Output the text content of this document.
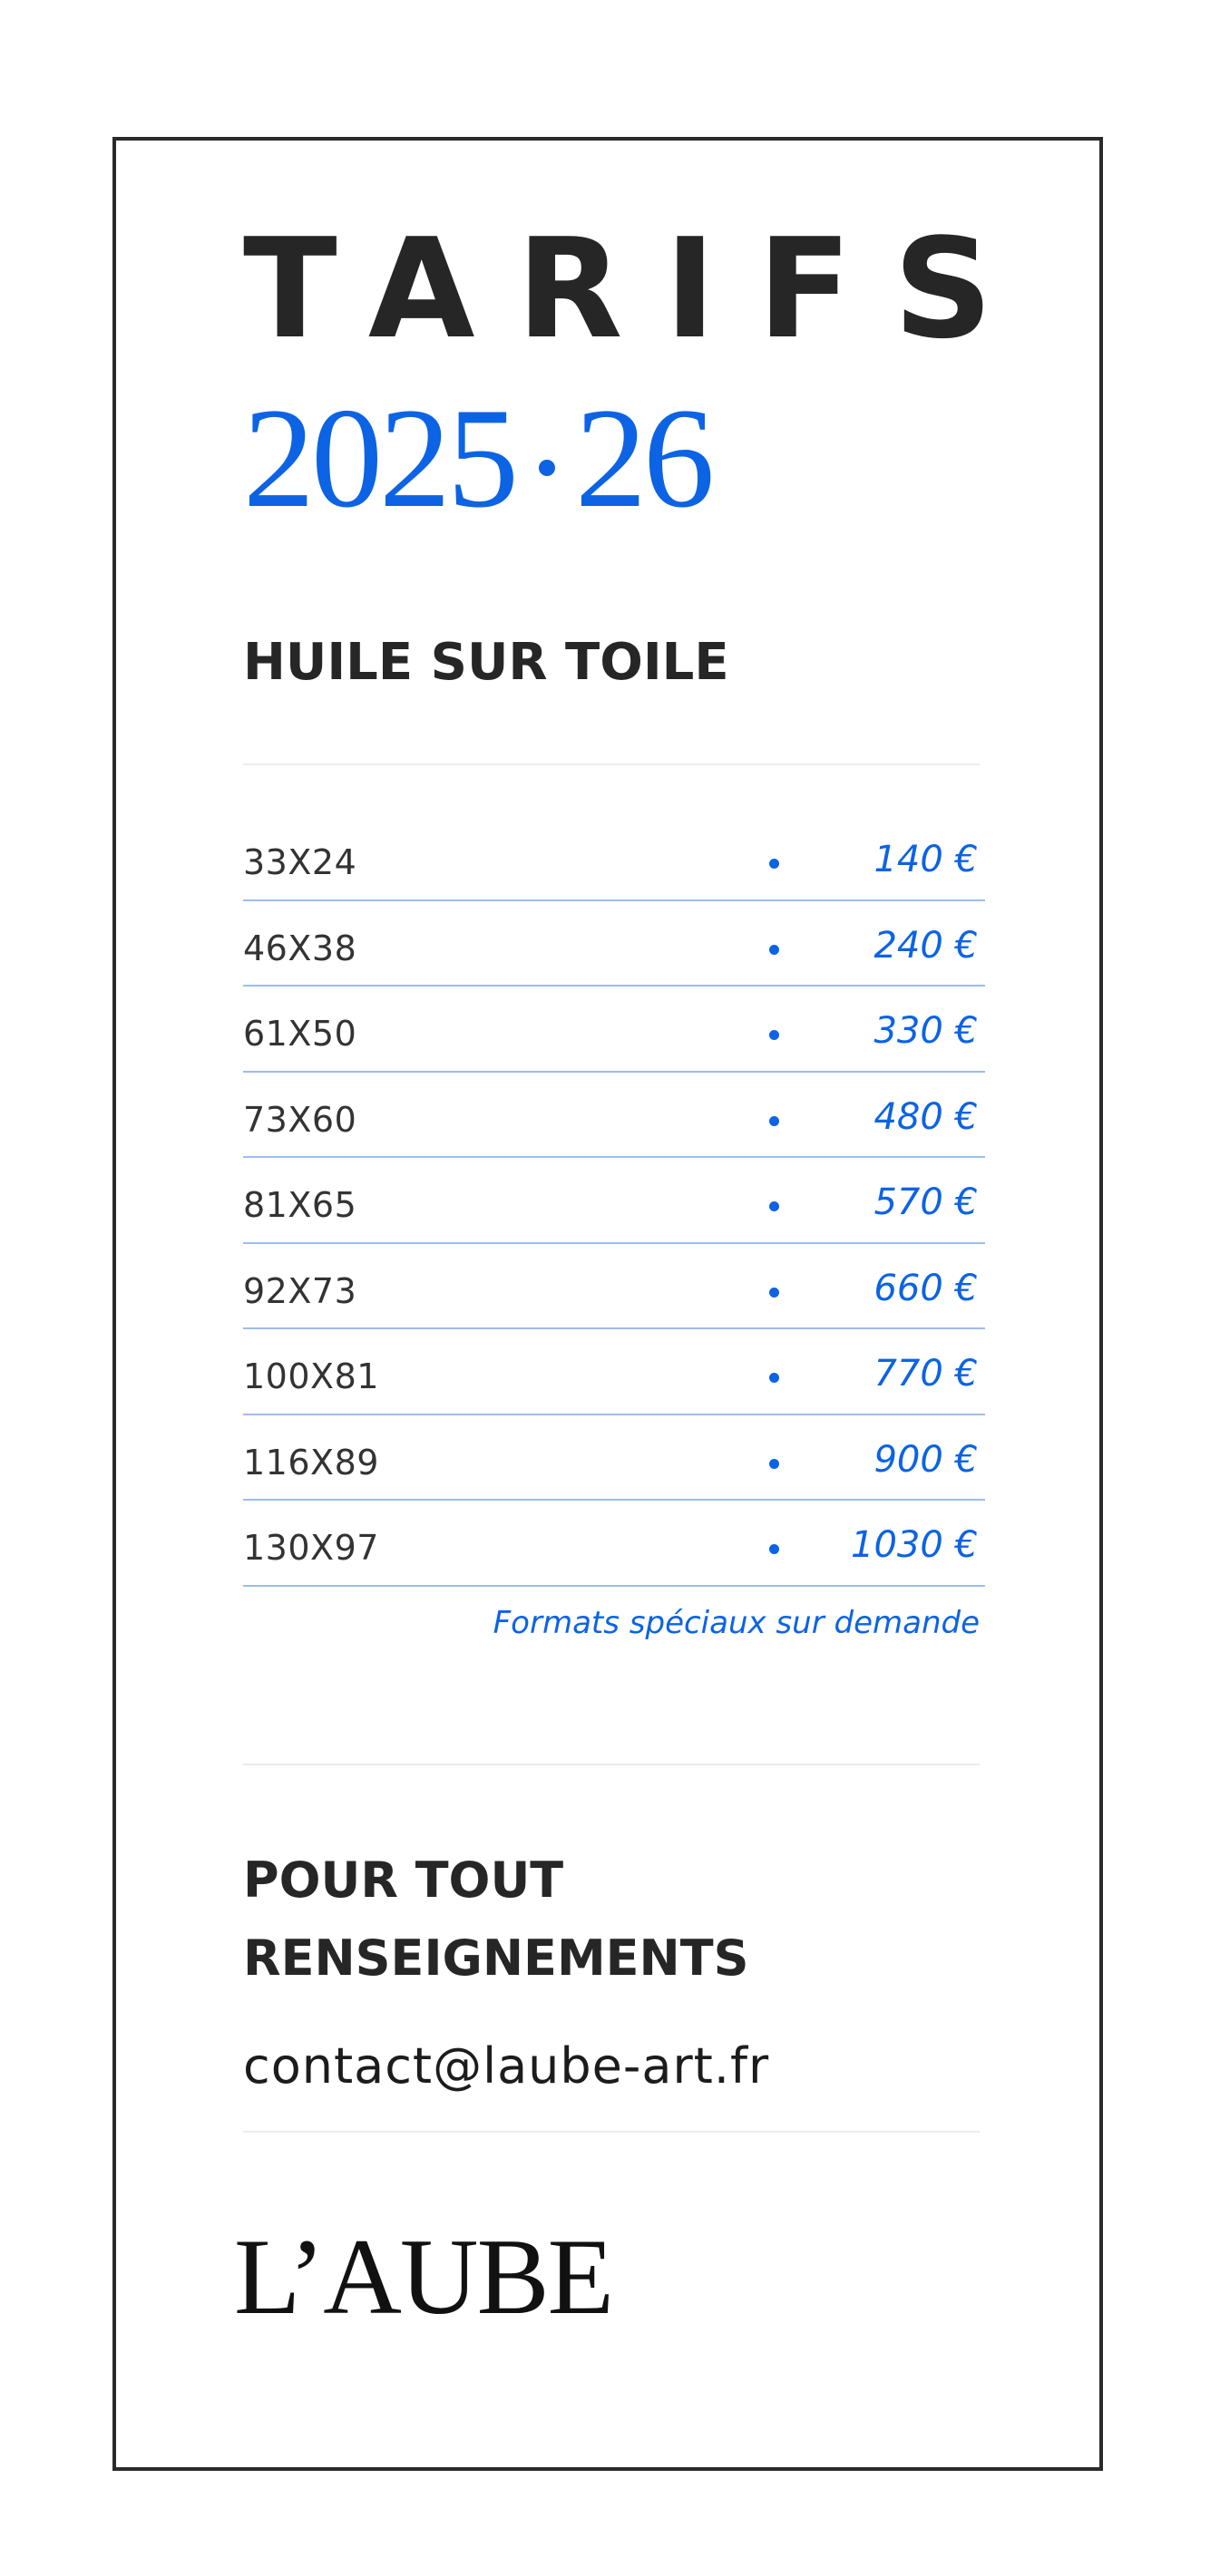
TARIFS
2025 26
HUILE SUR TOILE
33X24	140 €
46X38	240 €
61X50	330 €
73X60	480 €
81X65	570 €
92X73	660 €
100X81	770 €
116X89	900 €
130X97	1030 €
Formats spéciaux sur demande
POUR TOUT
RENSEIGNEMENTS
contact@laube-art.fr
L’AUBE
